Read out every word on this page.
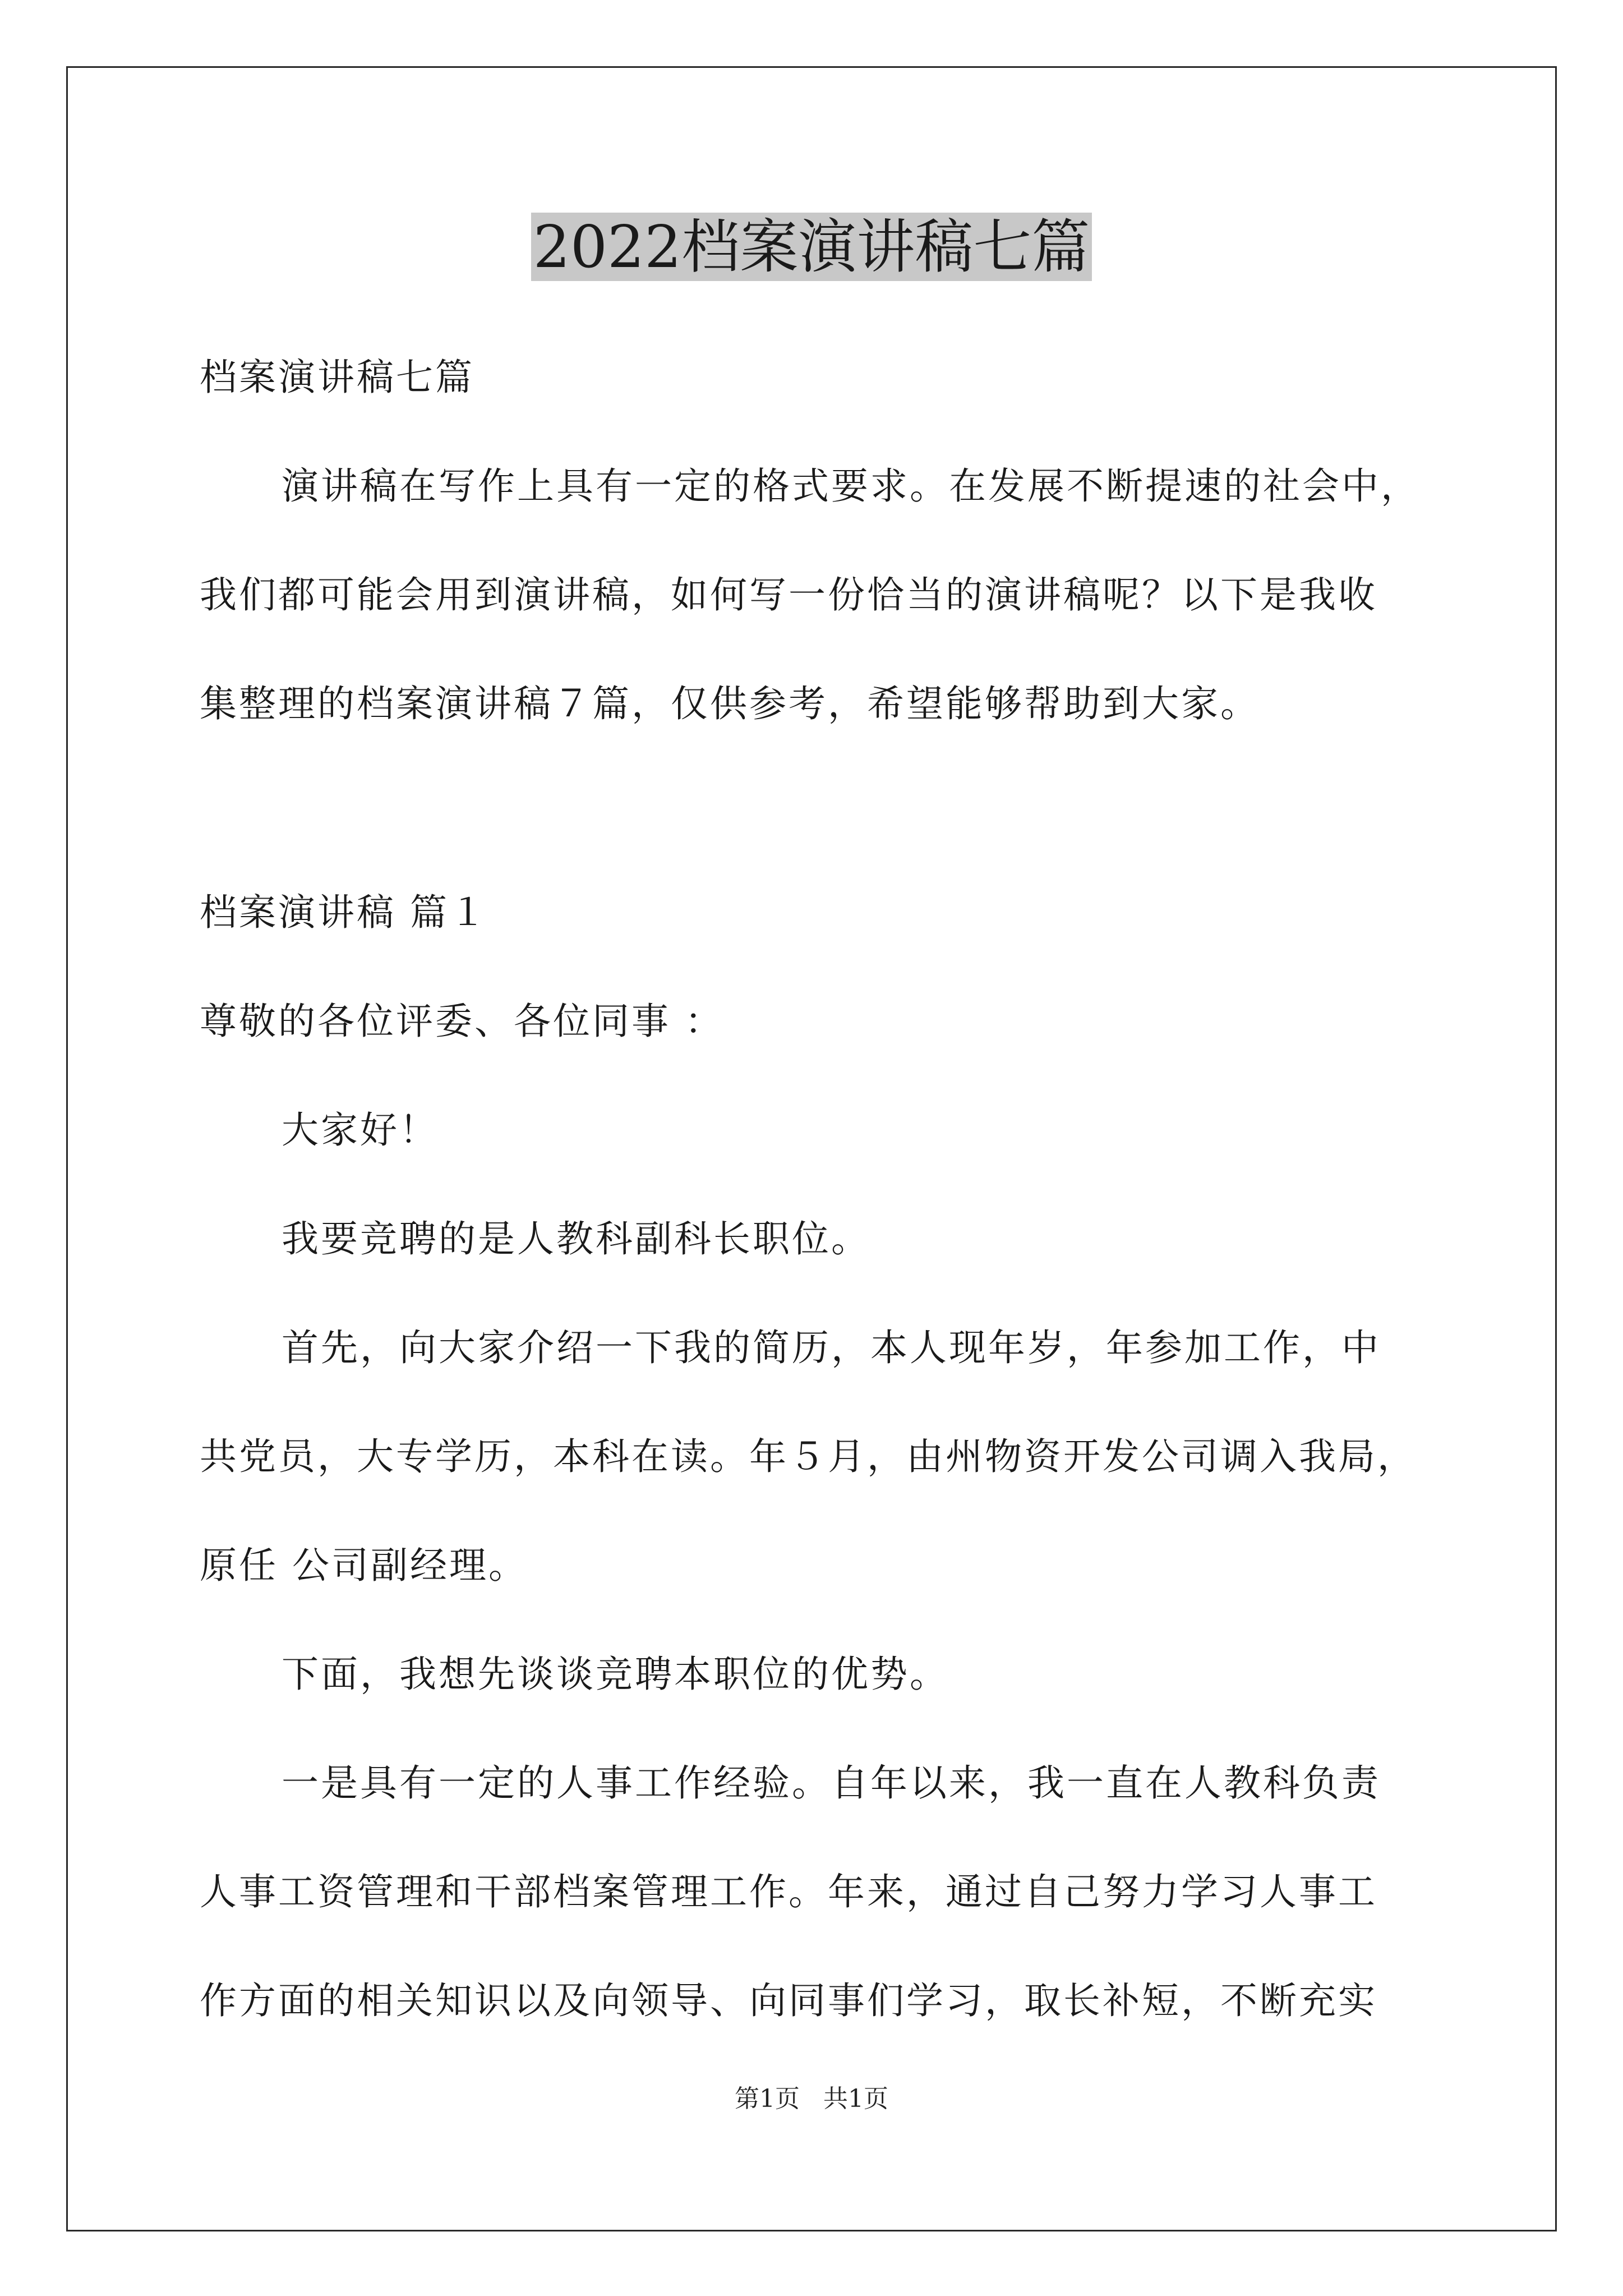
2022档案演讲稿七篇
档案演讲稿七篇
演讲稿在写作上具有一定的格式要求。在发展不断提速的社会中，
我们都可能会用到演讲稿，如何写一份恰当的演讲稿呢？以下是我收
集整理的档案演讲稿７篇，仅供参考，希望能够帮助到大家。
档案演讲稿 篇１
尊敬的各位评委、各位同事 ：
大家好！
我要竞聘的是人教科副科长职位。
首先，向大家介绍一下我的简历，本人现年岁，年参加工作，中
共党员，大专学历，本科在读。年５月，由州物资开发公司调入我局，
原任 公司副经理。
下面，我想先谈谈竞聘本职位的优势。
一是具有一定的人事工作经验。自年以来，我一直在人教科负责
人事工资管理和干部档案管理工作。年来，通过自己努力学习人事工
作方面的相关知识以及向领导、向同事们学习，取长补短，不断充实
第1页   共1页
